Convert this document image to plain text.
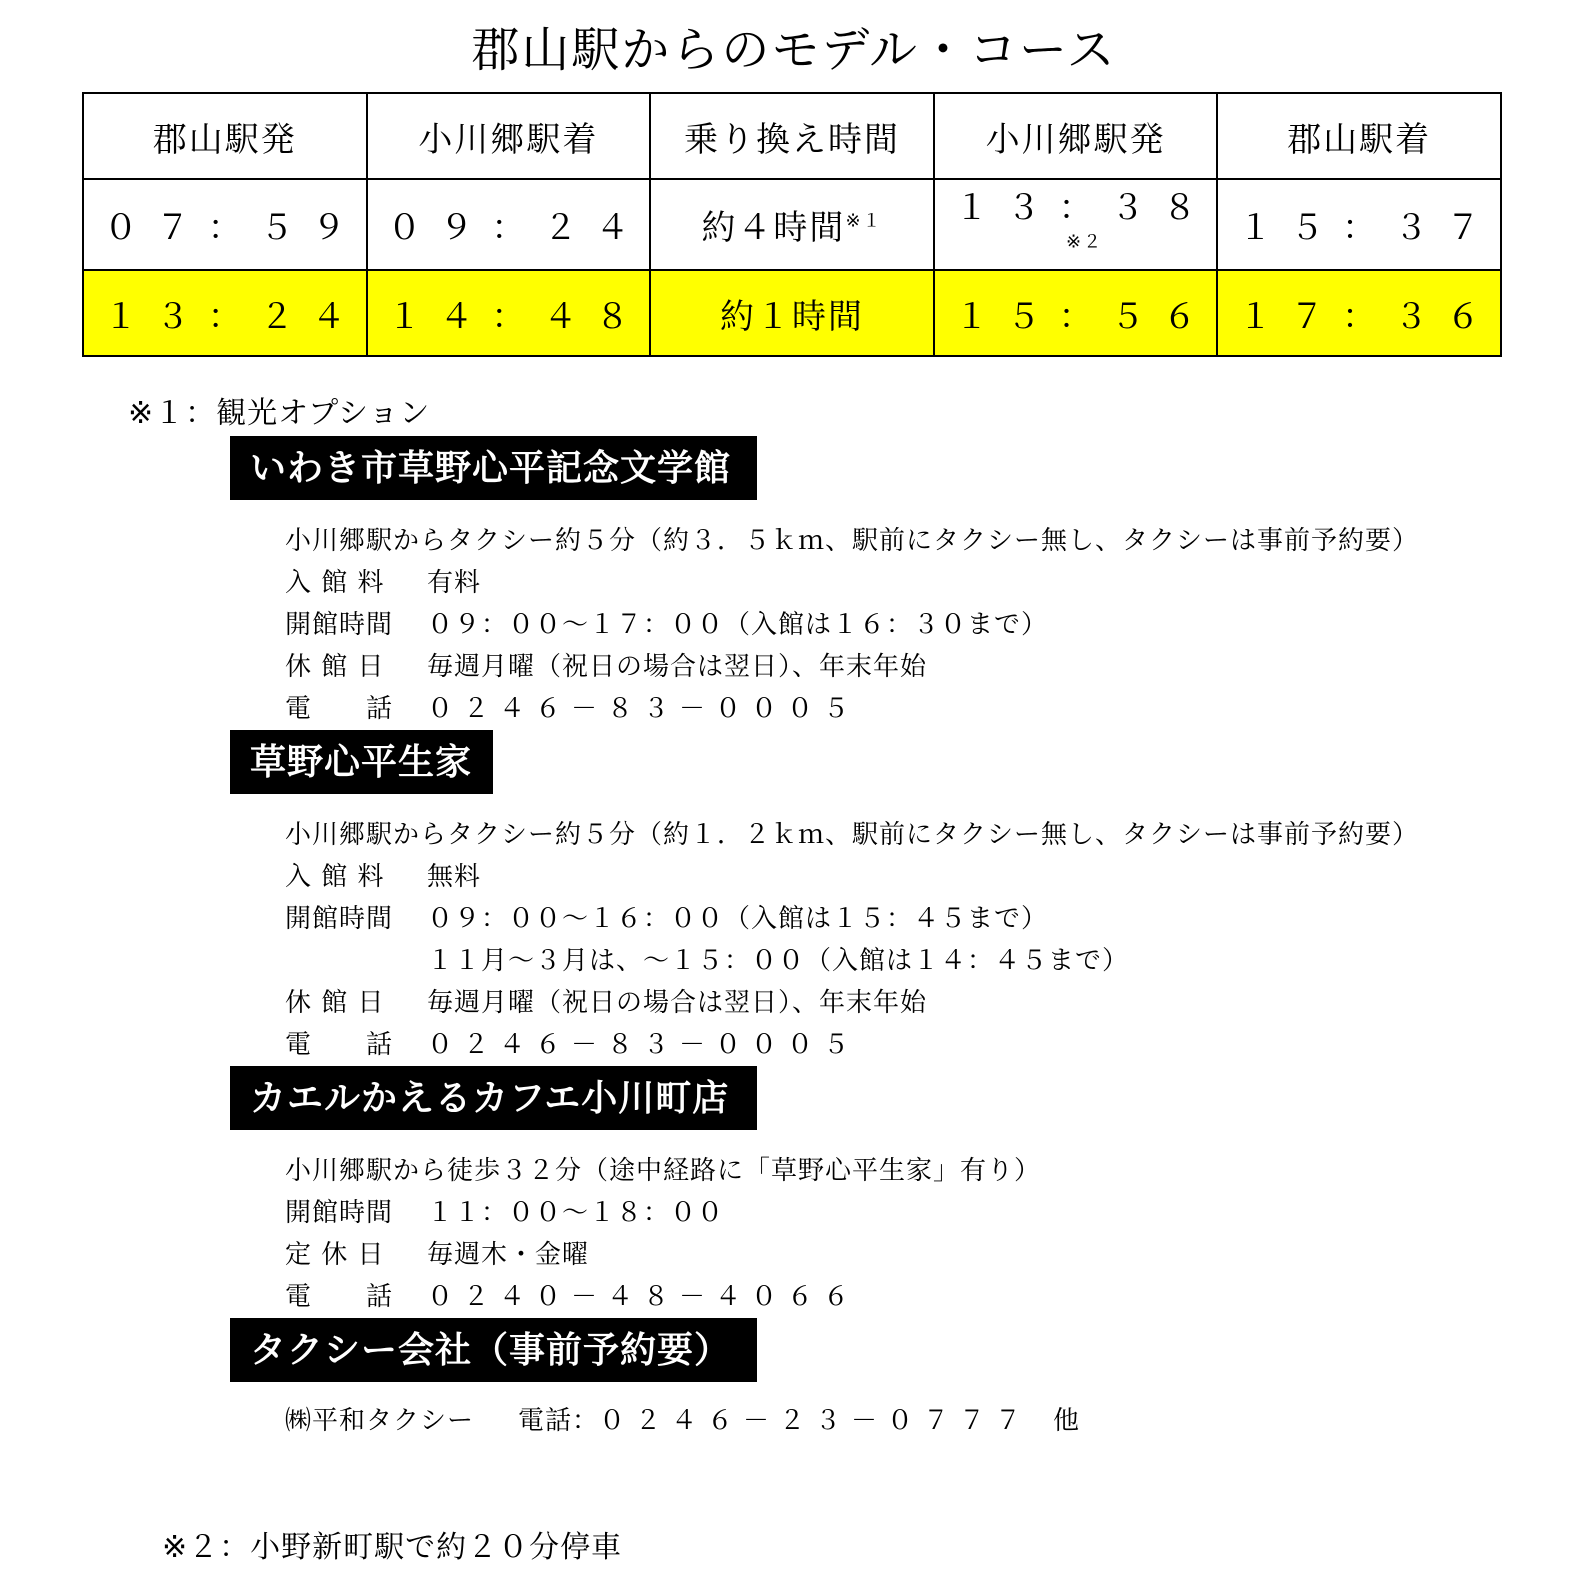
郡山駅からのモデル・コース
郡山駅発	小川郷駅着	乗り換え時間	小川郷駅発	郡山駅着
０７：５９	０９：２４	約４時間$^{※1}$	１３：３８$^{※2}$	１５：３７
１３：２４	１４：４８	約１時間	１５：５６	１７：３６
※１：観光オプション
いわき市草野心平記念文学館
小川郷駅からタクシー約５分（約３．５ｋｍ、駅前にタクシー無し、タクシーは事前予約要）
入 館 料 有料
開館時間 ０９：００～１７：００（入館は１６：３０まで）
休 館 日 毎週月曜（祝日の場合は翌日）、年末年始
電　　話 ０２４６－８３－０００５
草野心平生家
小川郷駅からタクシー約５分（約１．２ｋｍ、駅前にタクシー無し、タクシーは事前予約要）
入 館 料 無料
開館時間 ０９：００～１６：００（入館は１５：４５まで）
１１月～３月は、～１５：００（入館は１４：４５まで）
休 館 日 毎週月曜（祝日の場合は翌日）、年末年始
電　　話 ０２４６－８３－０００５
カエルかえるカフエ小川町店
小川郷駅から徒歩３２分（途中経路に「草野心平生家」有り）
開館時間 １１：００～１８：００
定 休 日 毎週木・金曜
電　　話 ０２４０－４８－４０６６
タクシー会社（事前予約要）
㈱平和タクシー 電話：０２４６－２３－０７７７ 他
※２：小野新町駅で約２０分停車
